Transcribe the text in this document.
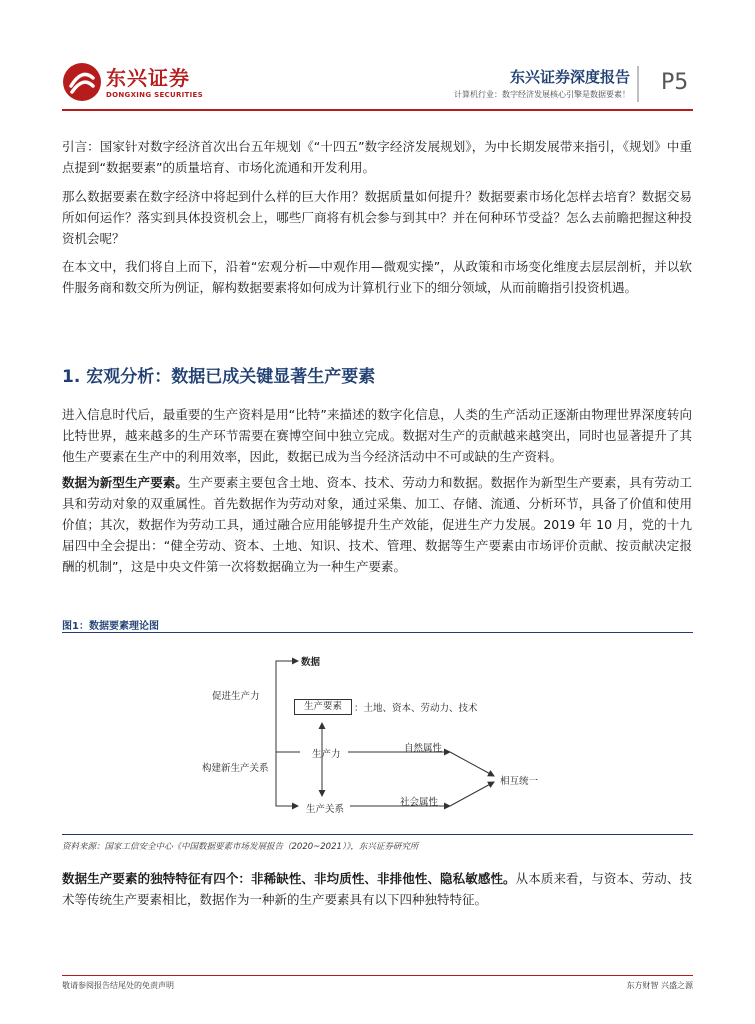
东兴证券
DONGXING SECURITIES
东兴证券深度报告
计算机行业：数字经济发展核心引擎是数据要素！ P5
引言：国家针对数字经济首次出台五年规划《“十四五”数字经济发展规划》，为中长期发展带来指引，《规划》中重点提到“数据要素”的质量培育、市场化流通和开发利用。
那么数据要素在数字经济中将起到什么样的巨大作用？数据质量如何提升？数据要素市场化怎样去培育？数据交易所如何运作？落实到具体投资机会上，哪些厂商将有机会参与到其中？并在何种环节受益？怎么去前瞻把握这种投资机会呢？
在本文中，我们将自上而下，沿着“宏观分析—中观作用—微观实操”，从政策和市场变化维度去层层剖析，并以软件服务商和数交所为例证，解构数据要素将如何成为计算机行业下的细分领域，从而前瞻指引投资机遇。
1. 宏观分析：数据已成关键显著生产要素
进入信息时代后，最重要的生产资料是用“比特”来描述的数字化信息，人类的生产活动正逐渐由物理世界深度转向比特世界，越来越多的生产环节需要在赛博空间中独立完成。数据对生产的贡献越来越突出，同时也显著提升了其他生产要素在生产中的利用效率，因此，数据已成为当今经济活动中不可或缺的生产资料。
数据为新型生产要素。生产要素主要包含土地、资本、技术、劳动力和数据。数据作为新型生产要素，具有劳动工具和劳动对象的双重属性。首先数据作为劳动对象，通过采集、加工、存储、流通、分析环节，具备了价值和使用价值；其次，数据作为劳动工具，通过融合应用能够提升生产效能，促进生产力发展。2019 年 10 月，党的十九届四中全会提出：“健全劳动、资本、土地、知识、技术、管理、数据等生产要素由市场评价贡献、按贡献决定报酬的机制”，这是中央文件第一次将数据确立为一种生产要素。
图1：数据要素理论图
数据
促进生产力
生产要素	：土地、资本、劳动力、技术
生产力
构建新生产关系
自然属性
社会属性
相互统一
生产关系
资料来源：国家工信安全中心《中国数据要素市场发展报告（2020~2021）》，东兴证券研究所
数据生产要素的独特特征有四个：非稀缺性、非均质性、非排他性、隐私敏感性。从本质来看，与资本、劳动、技术等传统生产要素相比，数据作为一种新的生产要素具有以下四种独特特征。
敬请参阅报告结尾处的免责声明	东方财智 兴盛之源
